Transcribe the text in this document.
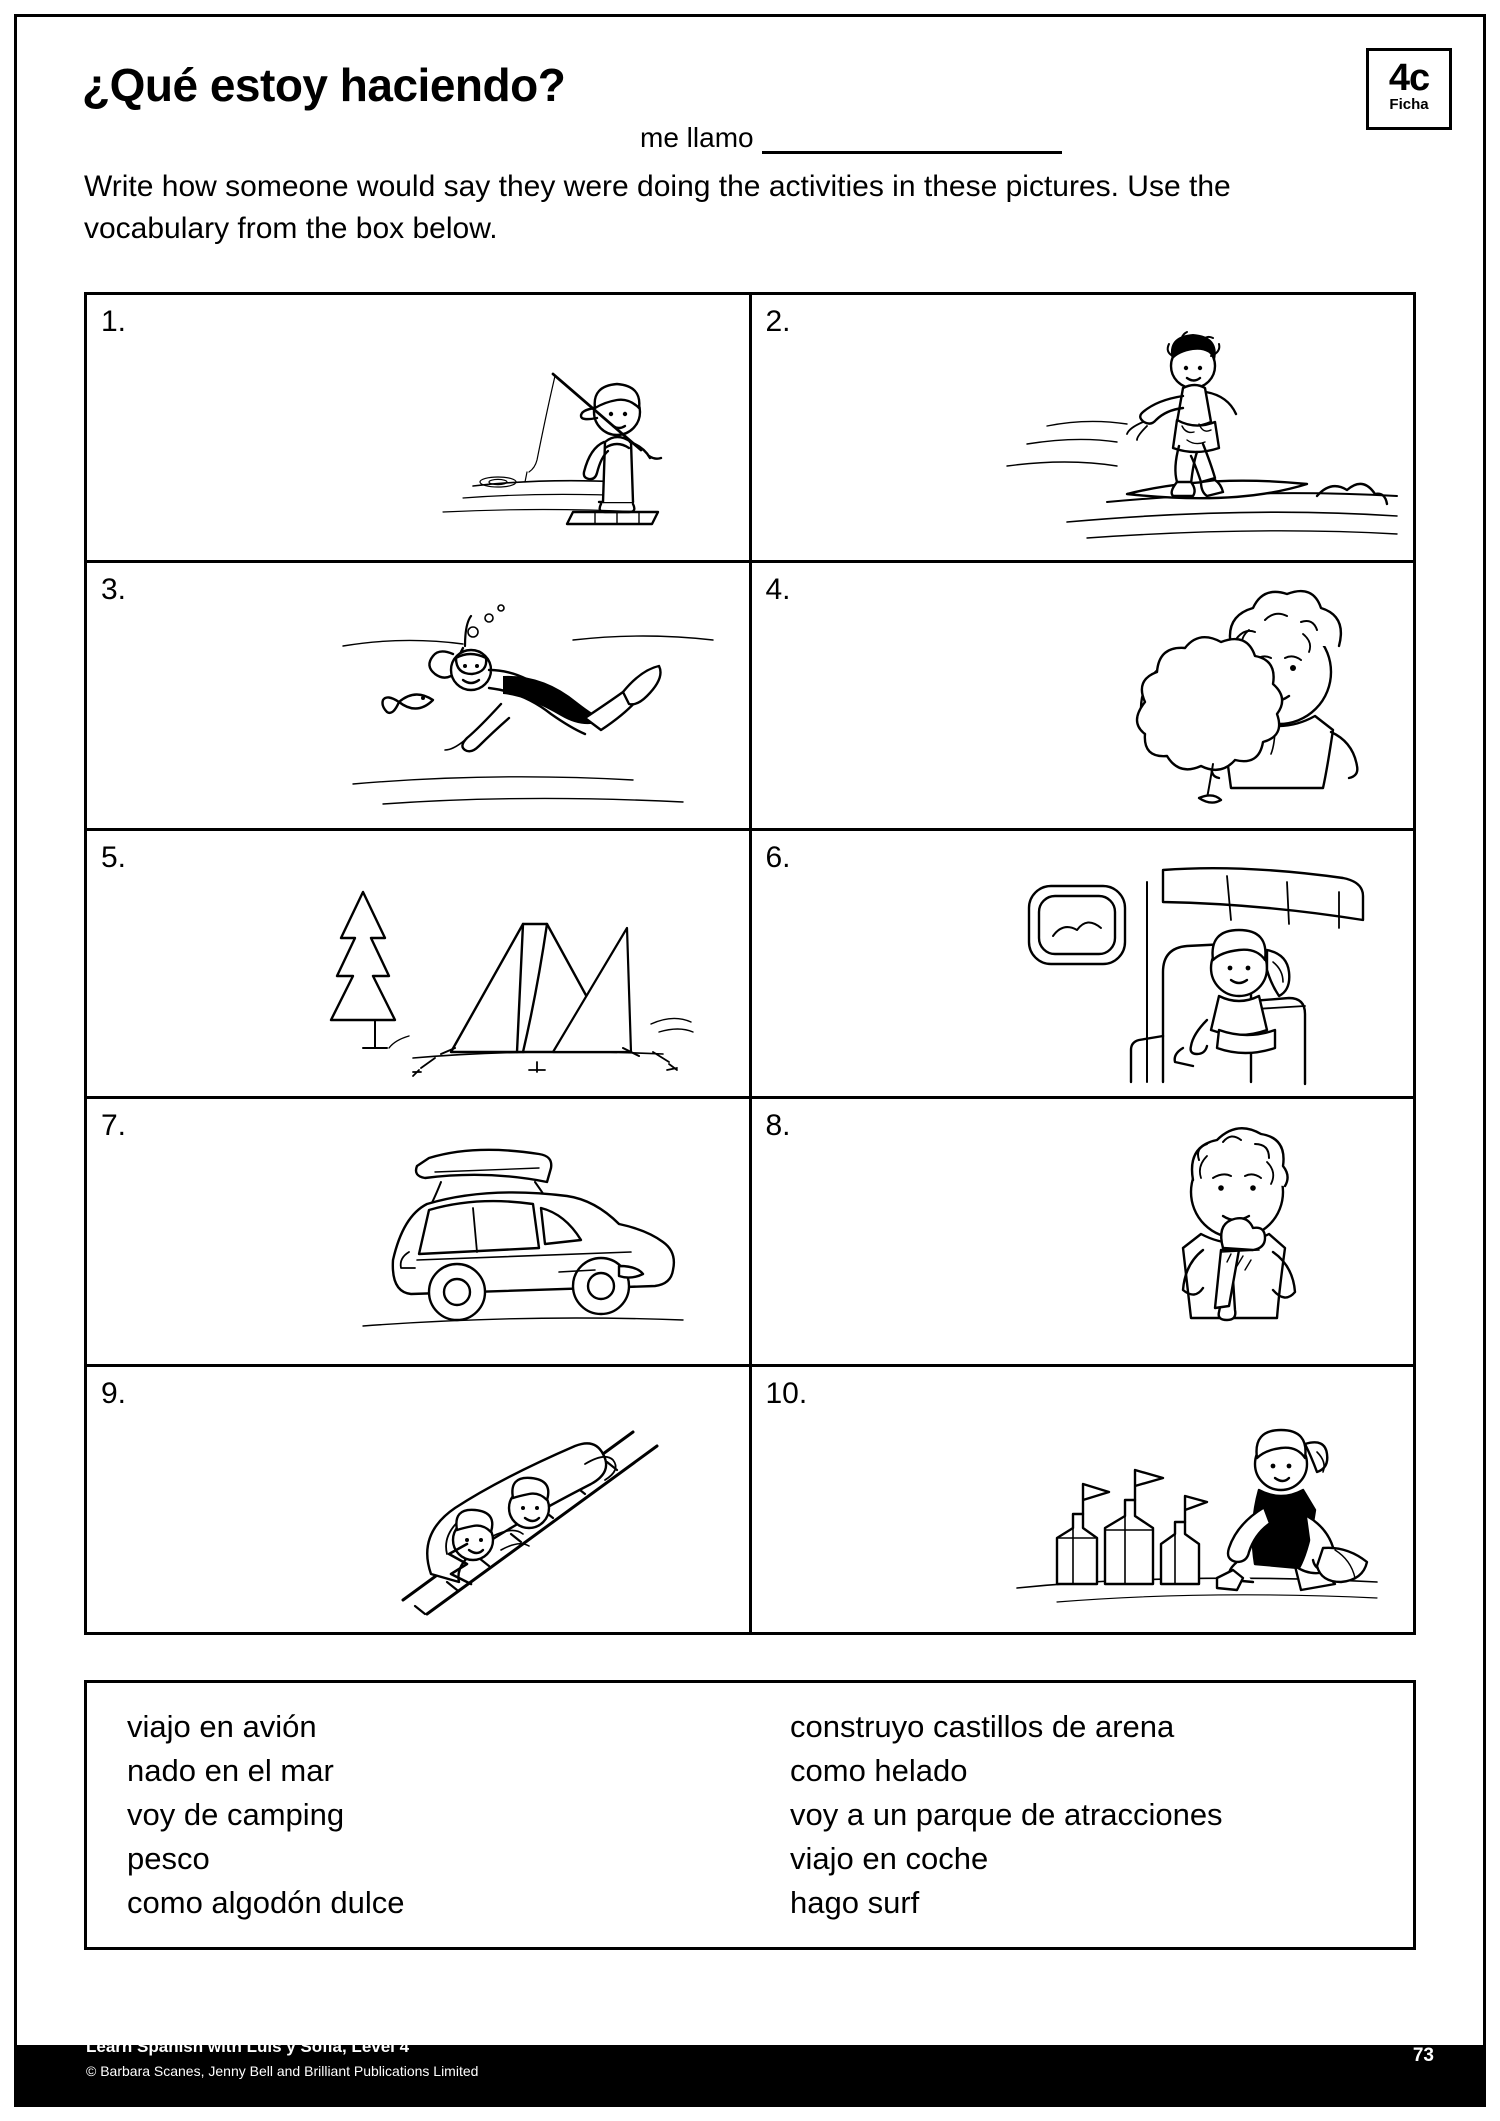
¿Qué estoy haciendo?	4c
Ficha
me llamo
Write how someone would say they were doing the activities in these pictures. Use the vocabulary from the box below.
1.	2.
3.	4.
5.	6.
7.	8.
9.	10.
viajo en avión
nado en el mar
voy de camping
pesco
como algodón dulce
construyo castillos de arena
como helado
voy a un parque de atracciones
viajo en coche
hago surf
Learn Spanish with Luis y Sofía, Level 4
© Barbara Scanes, Jenny Bell and Brilliant Publications Limited
73
